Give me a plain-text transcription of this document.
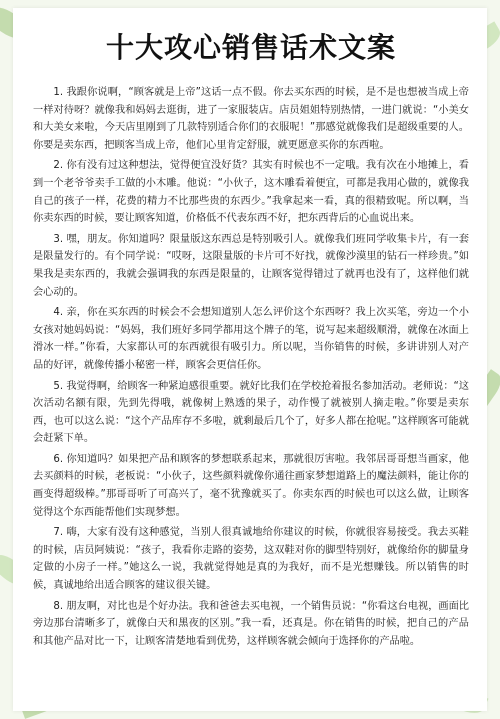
十大攻心销售话术文案

1. 我跟你说啊，“顾客就是上帝”这话一点不假。你去买东西的时候，是不是也想被当成上帝一样对待呀？就像我和妈妈去逛街，进了一家服装店。店员姐姐特别热情，一进门就说：“小美女和大美女来啦，今天店里刚到了几款特别适合你们的衣服呢！”那感觉就像我们是超级重要的人。你要是卖东西，把顾客当成上帝，他们心里肯定舒服，就更愿意买你的东西啦。

2. 你有没有过这种想法，觉得便宜没好货？其实有时候也不一定哦。我有次在小地摊上，看到一个老爷爷卖手工做的小木雕。他说：“小伙子，这木雕看着便宜，可都是我用心做的，就像我自己的孩子一样，花费的精力不比那些贵的东西少。”我拿起来一看，真的很精致呢。所以啊，当你卖东西的时候，要让顾客知道，价格低不代表东西不好，把东西背后的心血说出来。

3. 嘿，朋友。你知道吗？限量版这东西总是特别吸引人。就像我们班同学收集卡片，有一套是限量发行的。有个同学说：“哎呀，这限量版的卡片可不好找，就像沙漠里的钻石一样珍贵。”如果我是卖东西的，我就会强调我的东西是限量的，让顾客觉得错过了就再也没有了，这样他们就会心动的。

4. 亲，你在买东西的时候会不会想知道别人怎么评价这个东西呀？我上次买笔，旁边一个小女孩对她妈妈说：“妈妈，我们班好多同学都用这个牌子的笔，说写起来超级顺滑，就像在冰面上滑冰一样。”你看，大家都认可的东西就很有吸引力。所以呢，当你销售的时候，多讲讲别人对产品的好评，就像传播小秘密一样，顾客会更信任你。

5. 我觉得啊，给顾客一种紧迫感很重要。就好比我们在学校抢着报名参加活动。老师说：“这次活动名额有限，先到先得哦，就像树上熟透的果子，动作慢了就被别人摘走啦。”你要是卖东西，也可以这么说：“这个产品库存不多啦，就剩最后几个了，好多人都在抢呢。”这样顾客可能就会赶紧下单。

6. 你知道吗？如果把产品和顾客的梦想联系起来，那就很厉害啦。我邻居哥哥想当画家，他去买颜料的时候，老板说：“小伙子，这些颜料就像你通往画家梦想道路上的魔法颜料，能让你的画变得超级棒。”那哥哥听了可高兴了，毫不犹豫就买了。你卖东西的时候也可以这么做，让顾客觉得这个东西能帮他们实现梦想。

7. 嗨，大家有没有这种感觉，当别人很真诚地给你建议的时候，你就很容易接受。我去买鞋的时候，店员阿姨说：“孩子，我看你走路的姿势，这双鞋对你的脚型特别好，就像给你的脚量身定做的小房子一样。”她这么一说，我就觉得她是真的为我好，而不是光想赚钱。所以销售的时候，真诚地给出适合顾客的建议很关键。

8. 朋友啊，对比也是个好办法。我和爸爸去买电视，一个销售员说：“你看这台电视，画面比旁边那台清晰多了，就像白天和黑夜的区别。”我一看，还真是。你在销售的时候，把自己的产品和其他产品对比一下，让顾客清楚地看到优势，这样顾客就会倾向于选择你的产品啦。
